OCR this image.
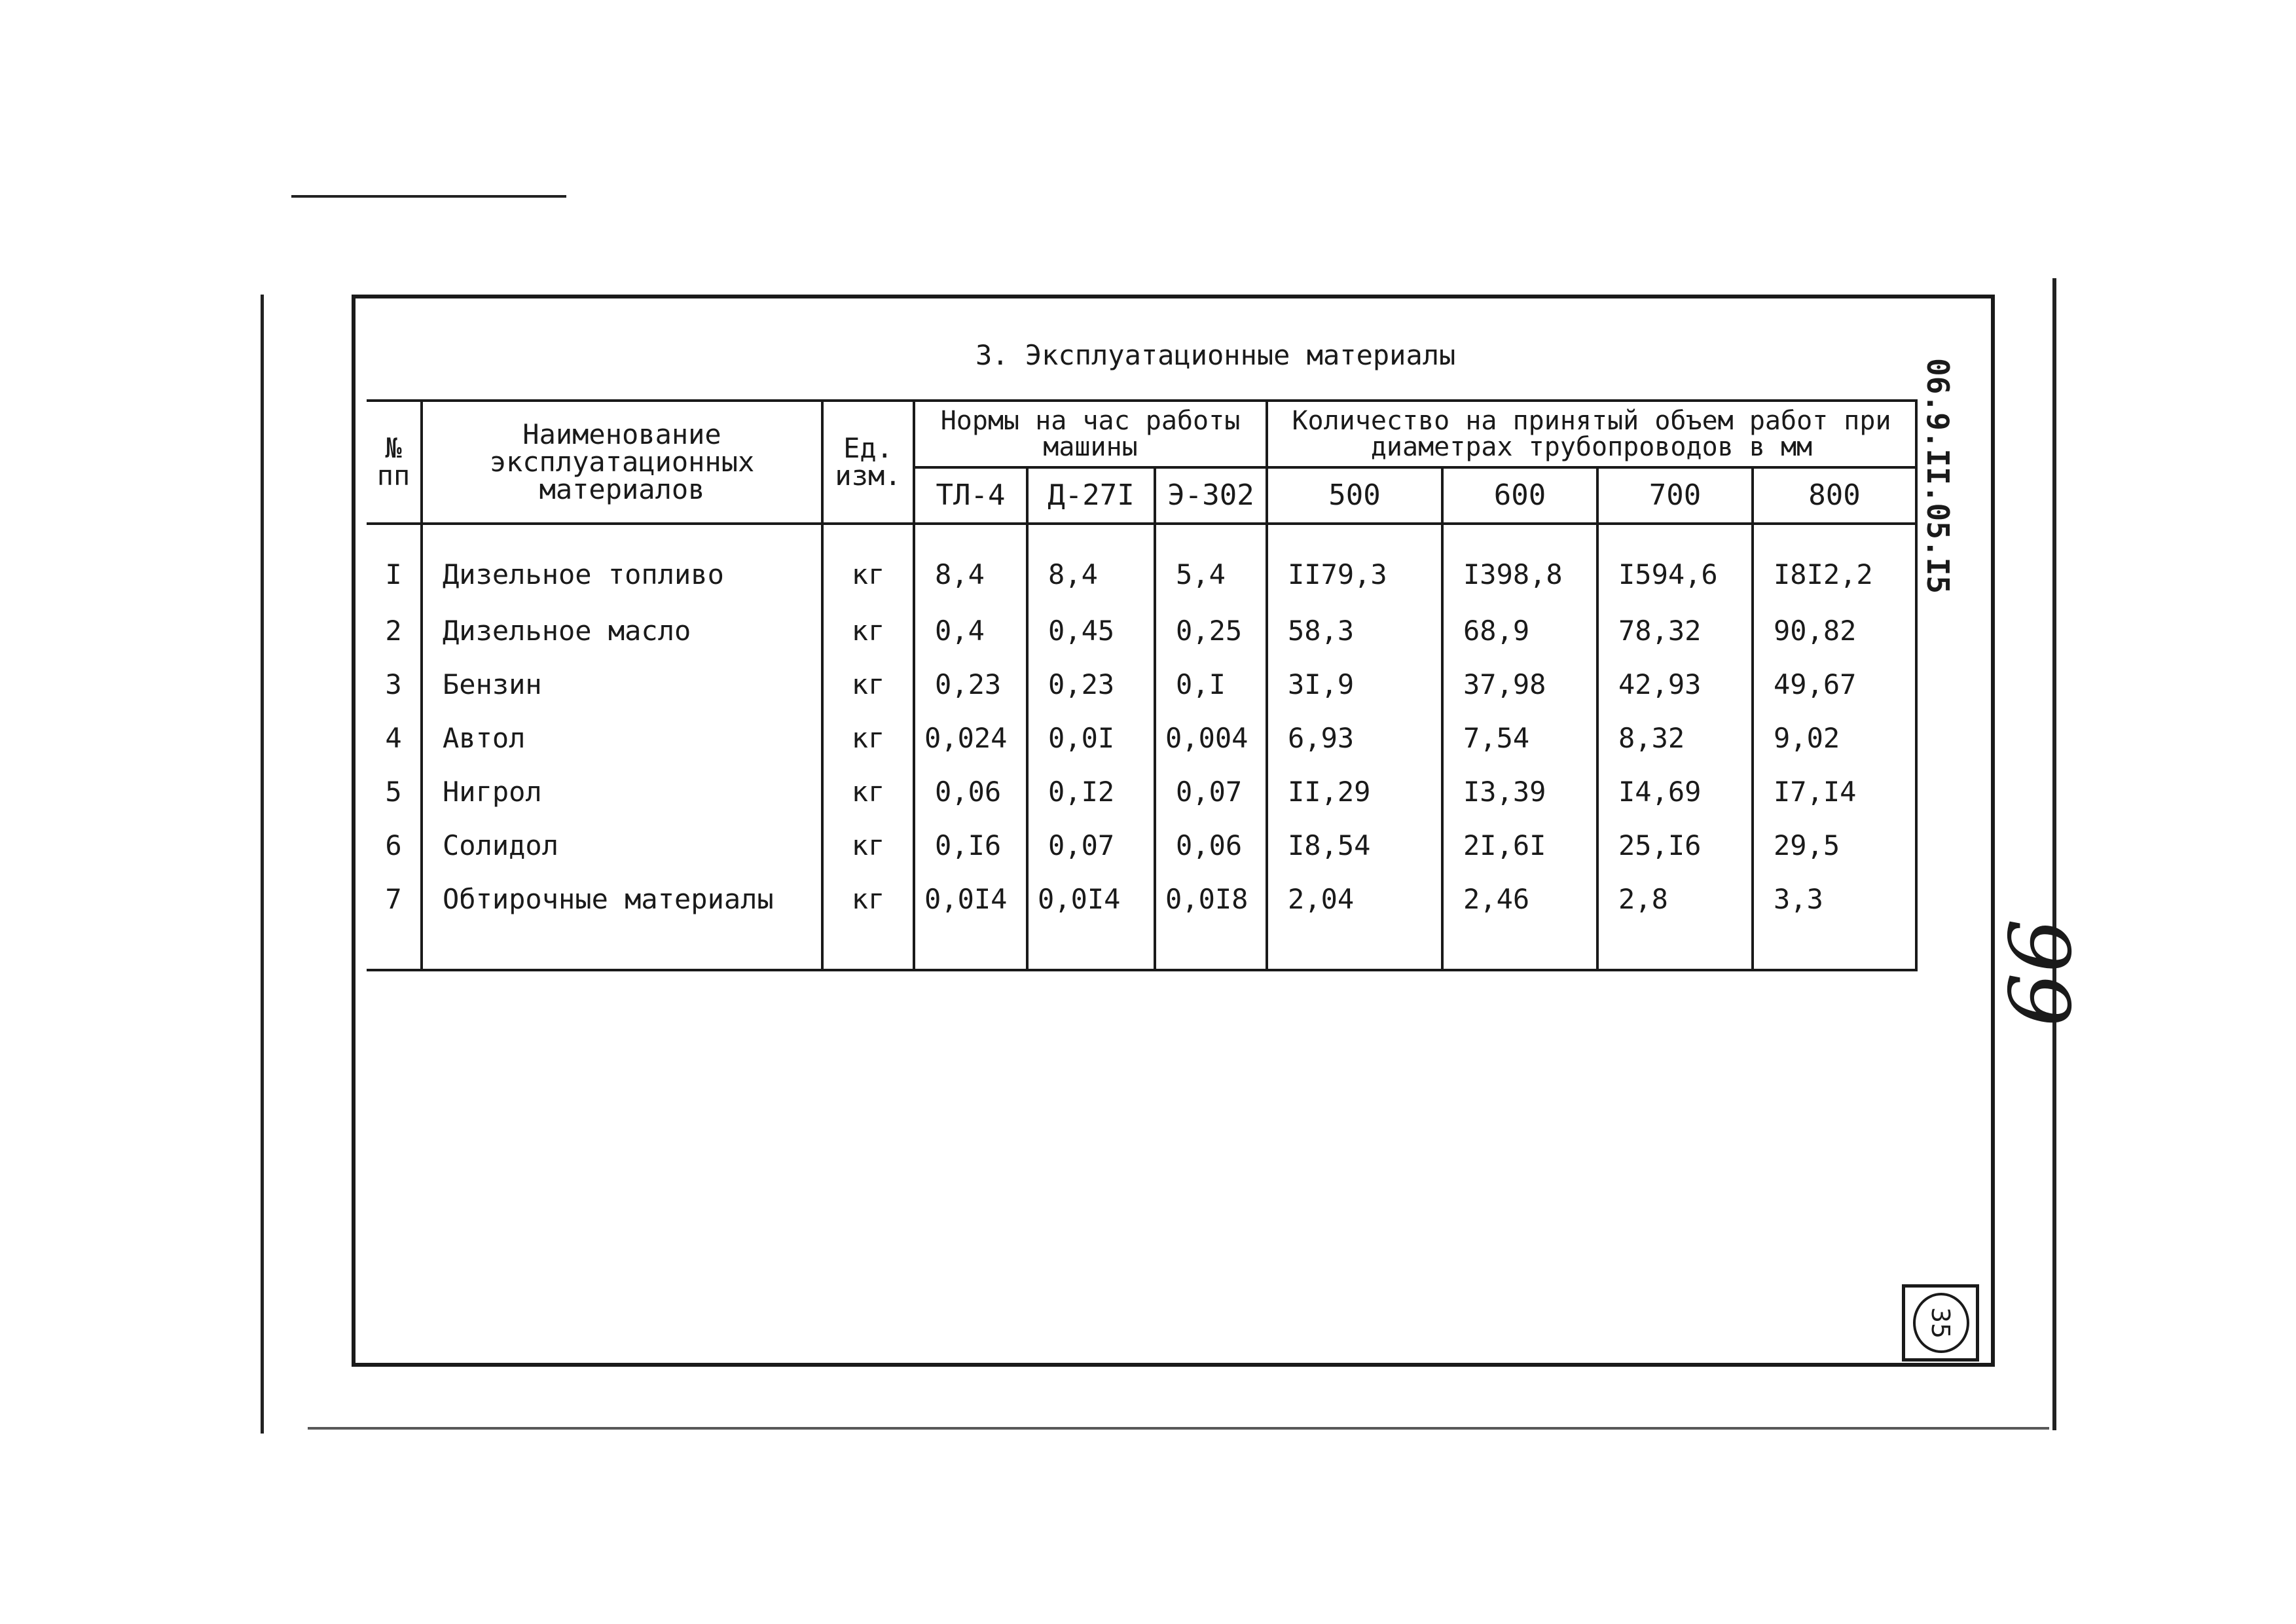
3. Эксплуатационные материалы
06.9.II.05.I5
99
35
№ пп	Наименование эксплуатационных материалов	Ед. изм.	Нормы на час работы машины			Количество на принятый объем работ при диаметрах трубопроводов в мм			
			ТЛ-4	Д-27I	Э-302	500	600	700	800
I	Дизельное топливо	кг	8,4	8,4	5,4	II79,3	I398,8	I594,6	I8I2,2
2	Дизельное масло	кг	0,4	0,45	0,25	58,3	68,9	78,32	90,82
3	Бензин	кг	0,23	0,23	0,I	3I,9	37,98	42,93	49,67
4	Автол	кг	0,024	0,0I	0,004	6,93	7,54	8,32	9,02
5	Нигрол	кг	0,06	0,I2	0,07	II,29	I3,39	I4,69	I7,I4
6	Солидол	кг	0,I6	0,07	0,06	I8,54	2I,6I	25,I6	29,5
7	Обтирочные материалы	кг	0,0I4	0,0I4	0,0I8	2,04	2,46	2,8	3,3
